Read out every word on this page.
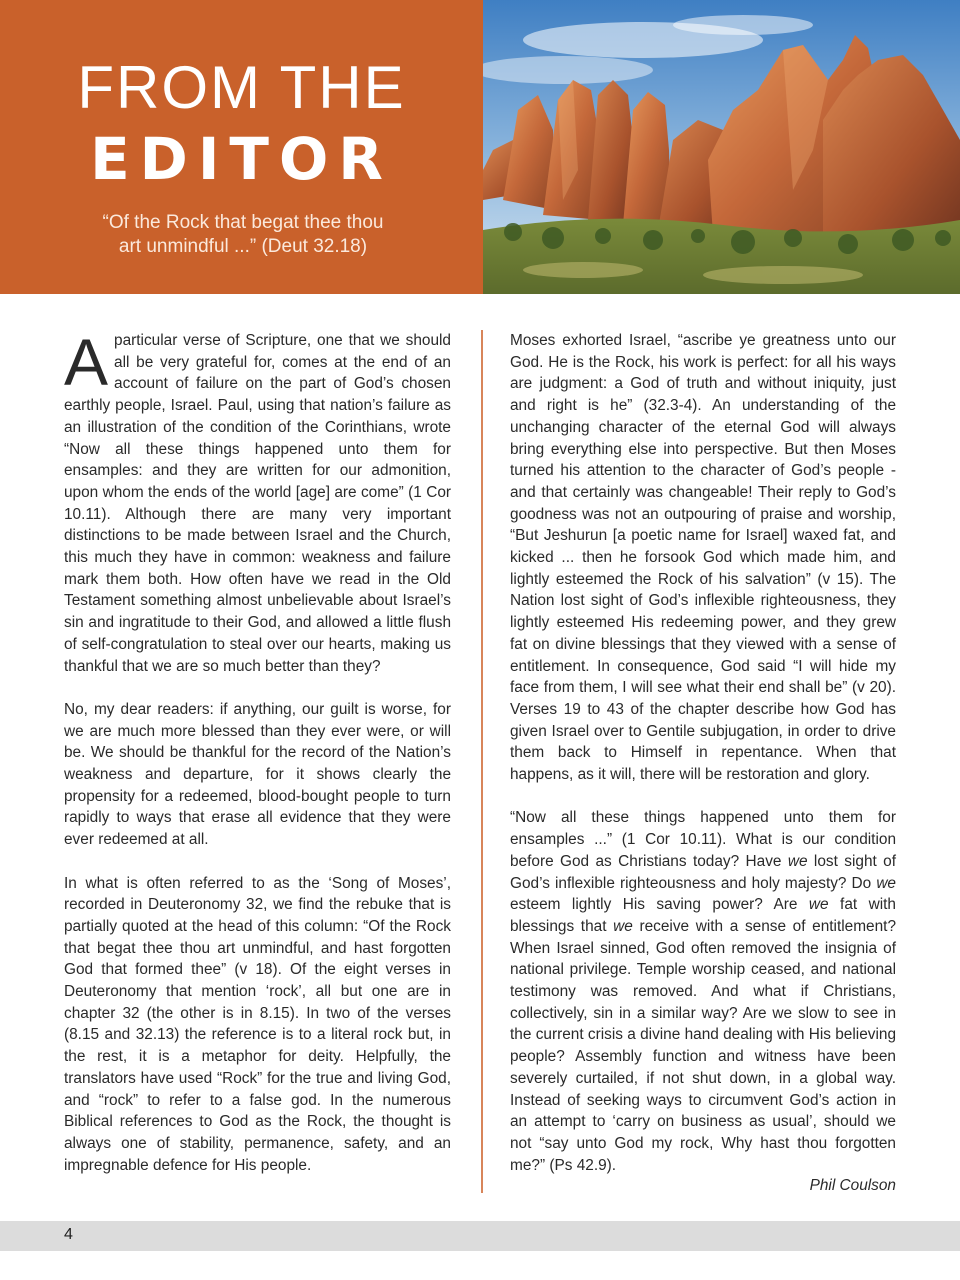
FROM THE
EDITOR
“Of the Rock that begat thee thou
art unmindful ...” (Deut 32.18)

Aparticular verse of Scripture, one that we should all be very grateful for, comes at the end of an account of failure on the part of God’s chosen earthly people, Israel. Paul, using that nation’s failure as an illustration of the condition of the Corinthians, wrote “Now all these things happened unto them for ensamples: and they are written for our admonition, upon whom the ends of the world [age] are come” (1 Cor 10.11). Although there are many very important distinctions to be made between Israel and the Church, this much they have in common: weakness and failure mark them both. How often have we read in the Old Testament something almost unbelievable about Israel’s sin and ingratitude to their God, and allowed a little flush of self-congratulation to steal over our hearts, making us thankful that we are so much better than they?

No, my dear readers: if anything, our guilt is worse, for we are much more blessed than they ever were, or will be. We should be thankful for the record of the Nation’s weakness and departure, for it shows clearly the propensity for a redeemed, blood-bought people to turn rapidly to ways that erase all evidence that they were ever redeemed at all.

In what is often referred to as the ‘Song of Moses’, recorded in Deuteronomy 32, we find the rebuke that is partially quoted at the head of this column: “Of the Rock that begat thee thou art unmindful, and hast forgotten God that formed thee” (v 18). Of the eight verses in Deuteronomy that mention ‘rock’, all but one are in chapter 32 (the other is in 8.15). In two of the verses (8.15 and 32.13) the reference is to a literal rock but, in the rest, it is a metaphor for deity. Helpfully, the translators have used “Rock” for the true and living God, and “rock” to refer to a false god. In the numerous Biblical references to God as the Rock, the thought is always one of stability, permanence, safety, and an impregnable defence for His people.

Moses exhorted Israel, “ascribe ye greatness unto our God. He is the Rock, his work is perfect: for all his ways are judgment: a God of truth and without iniquity, just and right is he” (32.3-4). An understanding of the unchanging character of the eternal God will always bring everything else into perspective. But then Moses turned his attention to the character of God’s people - and that certainly was changeable! Their reply to God’s goodness was not an outpouring of praise and worship, “But Jeshurun [a poetic name for Israel] waxed fat, and kicked ... then he forsook God which made him, and lightly esteemed the Rock of his salvation” (v 15). The Nation lost sight of God’s inflexible righteousness, they lightly esteemed His redeeming power, and they grew fat on divine blessings that they viewed with a sense of entitlement. In consequence, God said “I will hide my face from them, I will see what their end shall be” (v 20). Verses 19 to 43 of the chapter describe how God has given Israel over to Gentile subjugation, in order to drive them back to Himself in repentance. When that happens, as it will, there will be restoration and glory.

“Now all these things happened unto them for ensamples ...” (1 Cor 10.11). What is our condition before God as Christians today? Have we lost sight of God’s inflexible righteousness and holy majesty? Do we esteem lightly His saving power? Are we fat with blessings that we receive with a sense of entitlement? When Israel sinned, God often removed the insignia of national privilege. Temple worship ceased, and national testimony was removed. And what if Christians, collectively, sin in a similar way? Are we slow to see in the current crisis a divine hand dealing with His believing people? Assembly function and witness have been severely curtailed, if not shut down, in a global way. Instead of seeking ways to circumvent God’s action in an attempt to ‘carry on business as usual’, should we not “say unto God my rock, Why hast thou forgotten me?” (Ps 42.9).

Phil Coulson
4
